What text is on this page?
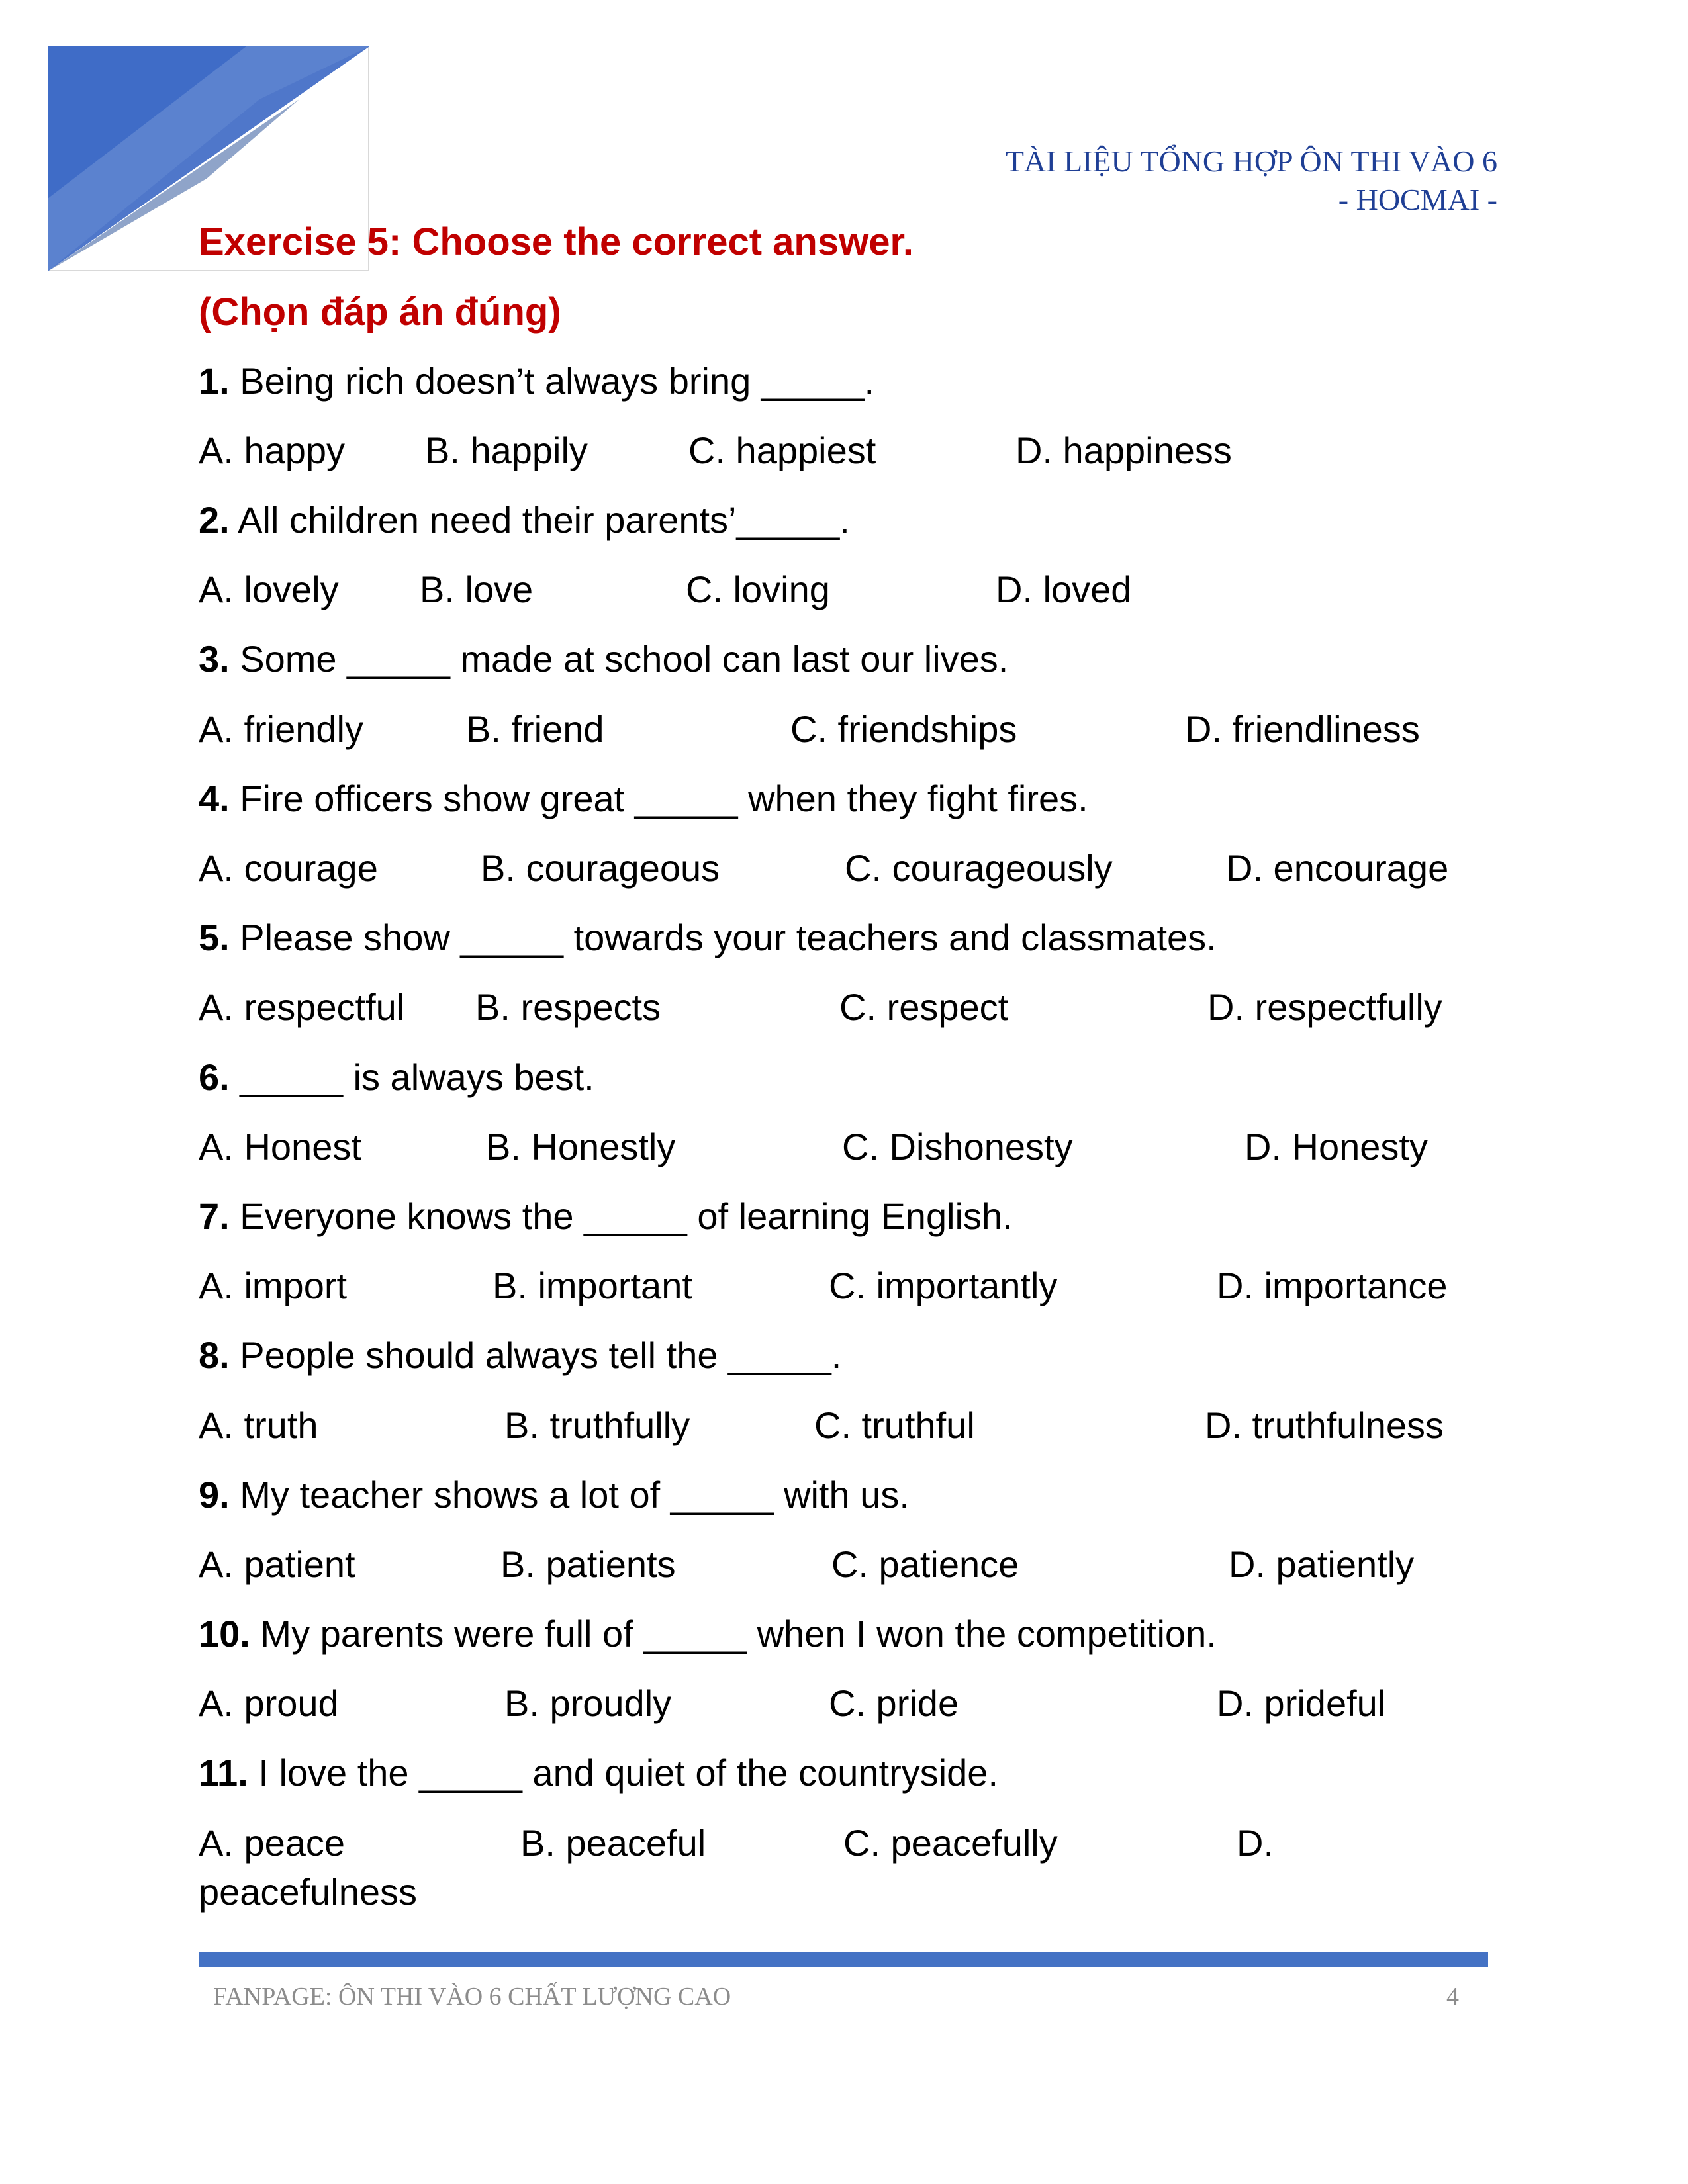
TÀI LIỆU TỔNG HỢP ÔN THI VÀO 6
- HOCMAI -
Exercise 5: Choose the correct answer.
(Chọn đáp án đúng)
1. Being rich doesn’t always bring _____.
A. happy B. happily	C. happiest	D. happiness
2. All children need their parents’_____.
A. lovely B. love	C. loving	D. loved
3. Some _____ made at school can last our lives.
A. friendly	B. friend	C. friendships	D. friendliness
4. Fire officers show great _____ when they fight fires.
A. courage	B. courageous	C. courageously	D. encourage
5. Please show _____ towards your teachers and classmates.
A. respectful B. respects	C. respect	D. respectfully
6. _____ is always best.
A. Honest	B. Honestly	C. Dishonesty	D. Honesty
7. Everyone knows the _____ of learning English.
A. import	B. important	C. importantly	D. importance
8. People should always tell the _____.
A. truth	B. truthfully	C. truthful	D. truthfulness
9. My teacher shows a lot of _____ with us.
A. patient	B. patients	C. patience	D. patiently
10. My parents were full of _____ when I won the competition.
A. proud	B. proudly	C. pride	D. prideful
11. I love the _____ and quiet of the countryside.
A. peace	B. peaceful	C. peacefully	D.
peacefulness
FANPAGE: ÔN THI VÀO 6 CHẤT LƯỢNG CAO	4
